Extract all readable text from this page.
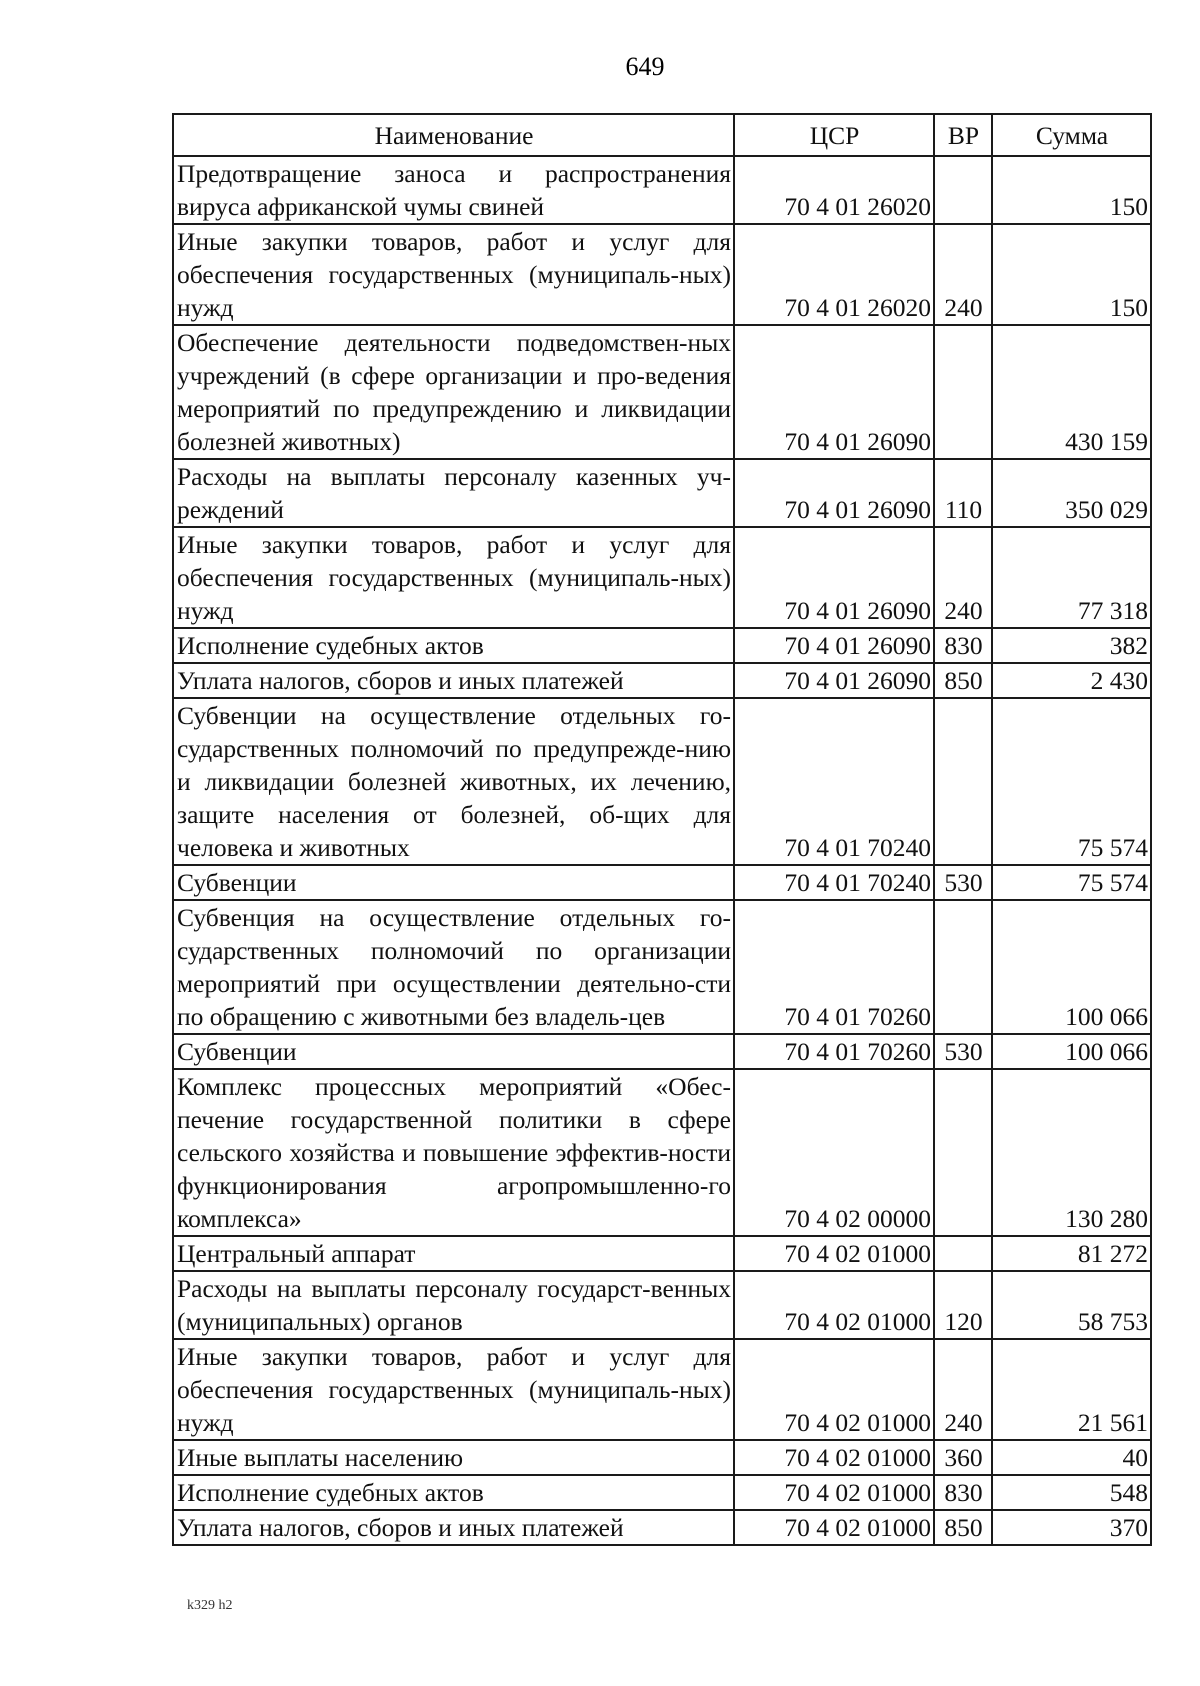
649
Наименование	ЦСР	ВР	Сумма
Предотвращение заноса и распространения вируса африканской чумы свиней	70 4 01 26020		150
Иные закупки товаров, работ и услуг для обеспечения государственных (муниципаль-ных) нужд	70 4 01 26020	240	150
Обеспечение деятельности подведомствен-ных учреждений (в сфере организации и про-ведения мероприятий по предупреждению и ликвидации болезней животных)	70 4 01 26090		430 159
Расходы на выплаты персоналу казенных уч-реждений	70 4 01 26090	110	350 029
Иные закупки товаров, работ и услуг для обеспечения государственных (муниципаль-ных) нужд	70 4 01 26090	240	77 318
Исполнение судебных актов	70 4 01 26090	830	382
Уплата налогов, сборов и иных платежей	70 4 01 26090	850	2 430
Субвенции на осуществление отдельных го-сударственных полномочий по предупрежде-нию и ликвидации болезней животных, их лечению, защите населения от болезней, об-щих для человека и животных	70 4 01 70240		75 574
Субвенции	70 4 01 70240	530	75 574
Субвенция на осуществление отдельных го-сударственных полномочий по организации мероприятий при осуществлении деятельно-сти по обращению с животными без владель-цев	70 4 01 70260		100 066
Субвенции	70 4 01 70260	530	100 066
Комплекс процессных мероприятий «Обес-печение государственной политики в сфере сельского хозяйства и повышение эффектив-ности функционирования агропромышленно-го комплекса»	70 4 02 00000		130 280
Центральный аппарат	70 4 02 01000		81 272
Расходы на выплаты персоналу государст-венных (муниципальных) органов	70 4 02 01000	120	58 753
Иные закупки товаров, работ и услуг для обеспечения государственных (муниципаль-ных) нужд	70 4 02 01000	240	21 561
Иные выплаты населению	70 4 02 01000	360	40
Исполнение судебных актов	70 4 02 01000	830	548
Уплата налогов, сборов и иных платежей	70 4 02 01000	850	370
k329 h2
